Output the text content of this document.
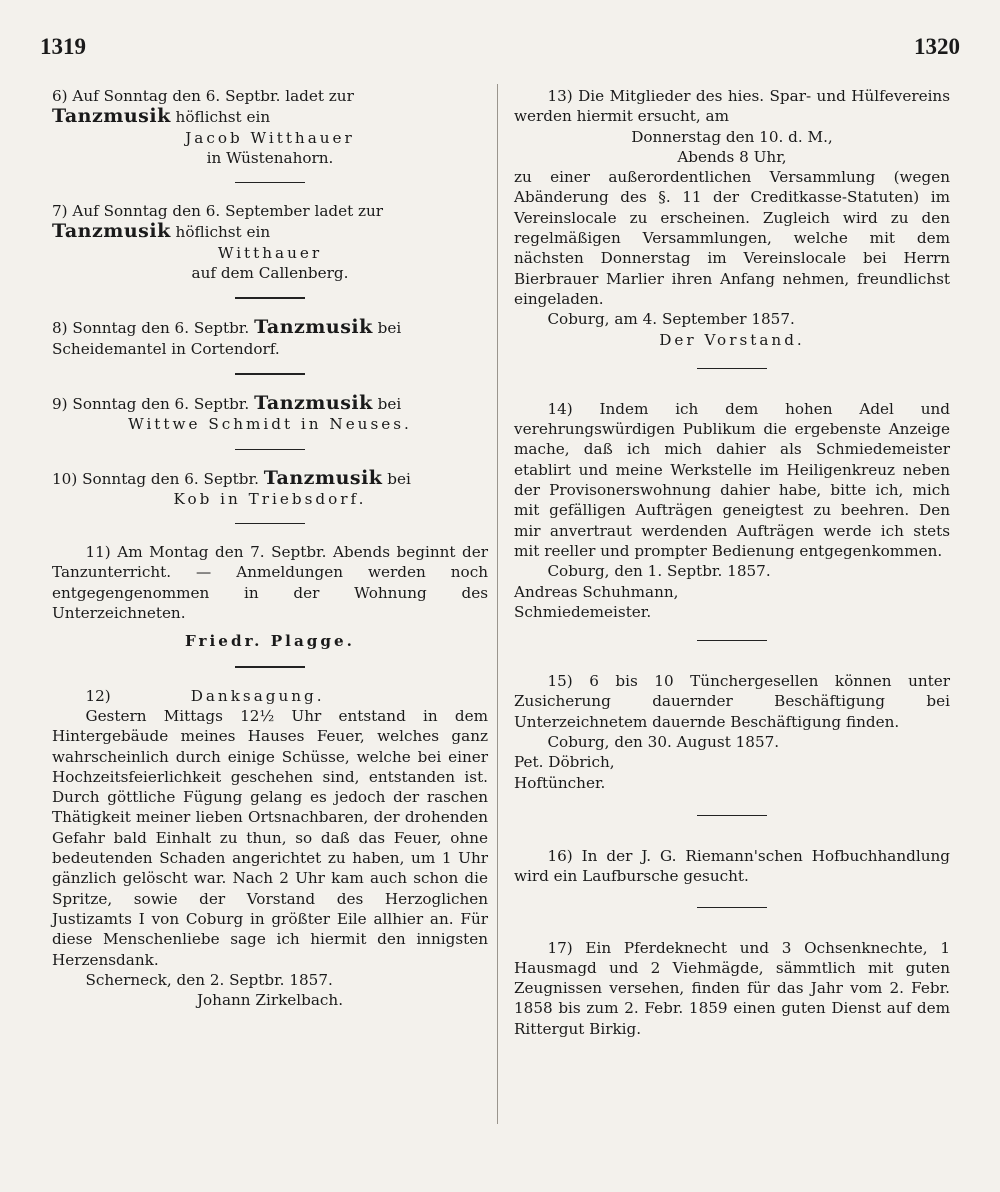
1319	1320

6) Auf Sonntag den 6. Septbr. ladet zur

Tanzmusik höflichst ein

Jacob Witthauer

in Wüstenahorn.

7) Auf Sonntag den 6. September ladet zur

Tanzmusik höflichst ein

Witthauer

auf dem Callenberg.

8) Sonntag den 6. Septbr. Tanzmusik bei

Scheidemantel in Cortendorf.

9) Sonntag den 6. Septbr. Tanzmusik bei

Wittwe Schmidt in Neuses.

10) Sonntag den 6. Septbr. Tanzmusik bei

Kob in Triebsdorf.

11) Am Montag den 7. Septbr. Abends beginnt der Tanzunterricht. — Anmeldungen werden noch entgegengenommen in der Wohnung des Unterzeichneten.

Friedr. Plagge.

12)	Danksagung.

Gestern Mittags 12½ Uhr entstand in dem Hintergebäude meines Hauses Feuer, welches ganz wahrscheinlich durch einige Schüsse, welche bei einer Hochzeitsfeierlichkeit geschehen sind, entstanden ist. Durch göttliche Fügung gelang es jedoch der raschen Thätigkeit meiner lieben Ortsnachbaren, der drohenden Gefahr bald Einhalt zu thun, so daß das Feuer, ohne bedeutenden Schaden angerichtet zu haben, um 1 Uhr gänzlich gelöscht war. Nach 2 Uhr kam auch schon die Spritze, sowie der Vorstand des Herzoglichen Justizamts I von Coburg in größter Eile allhier an. Für diese Menschenliebe sage ich hiermit den innigsten Herzensdank.

Scherneck, den 2. Septbr. 1857.

Johann Zirkelbach.

13) Die Mitglieder des hies. Spar- und Hülfevereins werden hiermit ersucht, am

Donnerstag den 10. d. M.,

Abends 8 Uhr,

zu einer außerordentlichen Versammlung (wegen Abänderung des §. 11 der Creditkasse-Statuten) im Vereinslocale zu erscheinen. Zugleich wird zu den regelmäßigen Versammlungen, welche mit dem nächsten Donnerstag im Vereinslocale bei Herrn Bierbrauer Marlier ihren Anfang nehmen, freundlichst eingeladen.

Coburg, am 4. September 1857.

Der Vorstand.

14) Indem ich dem hohen Adel und verehrungswürdigen Publikum die ergebenste Anzeige mache, daß ich mich dahier als Schmiedemeister etablirt und meine Werkstelle im Heiligenkreuz neben der Provisonerswohnung dahier habe, bitte ich, mich mit gefälligen Aufträgen geneigtest zu beehren. Den mir anvertraut werdenden Aufträgen werde ich stets mit reeller und prompter Bedienung entgegenkommen.

Coburg, den 1. Septbr. 1857.

Andreas Schuhmann,

Schmiedemeister.

15) 6 bis 10 Tünchergesellen können unter Zusicherung dauernder Beschäftigung bei Unterzeichnetem dauernde Beschäftigung finden.

Coburg, den 30. August 1857.

Pet. Döbrich,

Hoftüncher.

16) In der J. G. Riemann'schen Hofbuchhandlung wird ein Laufbursche gesucht.

17) Ein Pferdeknecht und 3 Ochsenknechte, 1 Hausmagd und 2 Viehmägde, sämmtlich mit guten Zeugnissen versehen, finden für das Jahr vom 2. Febr. 1858 bis zum 2. Febr. 1859 einen guten Dienst auf dem Rittergut Birkig.
